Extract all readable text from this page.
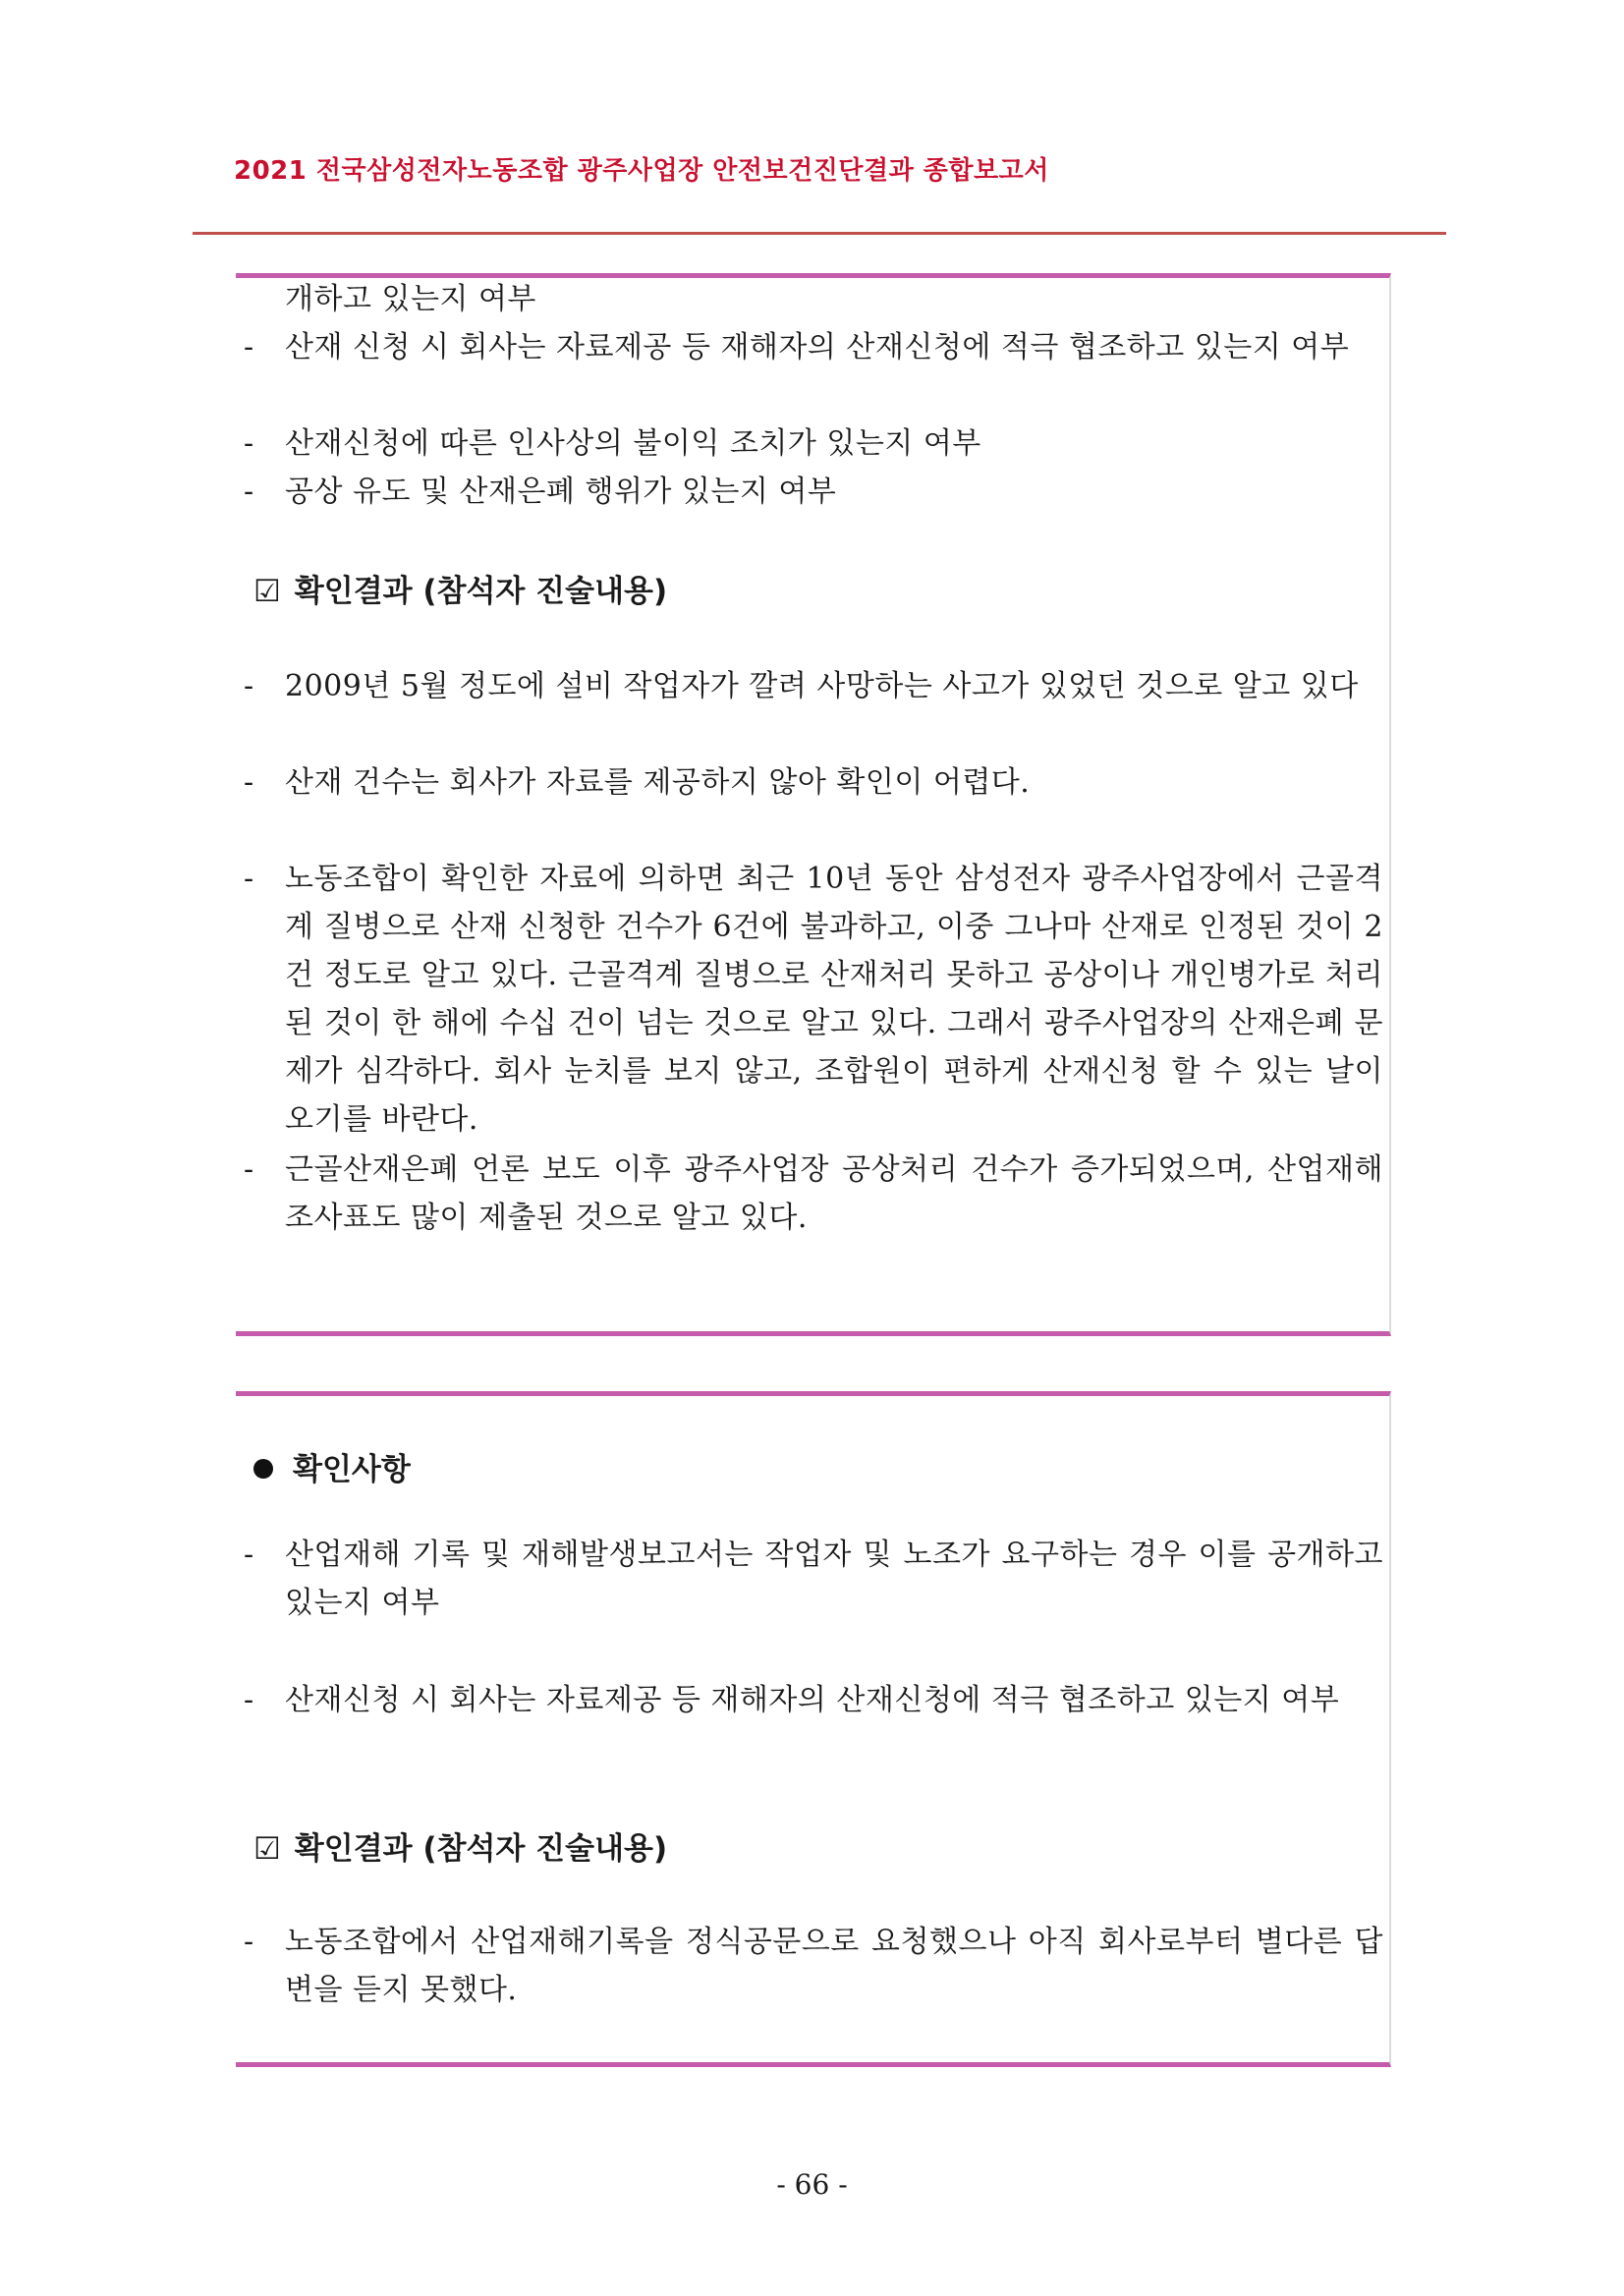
2021 전국삼성전자노동조합 광주사업장 안전보건진단결과 종합보고서
개하고 있는지 여부
- 산재 신청 시 회사는 자료제공 등 재해자의 산재신청에 적극 협조하고 있는지 여부
- 산재신청에 따른 인사상의 불이익 조치가 있는지 여부
- 공상 유도 및 산재은폐 행위가 있는지 여부
☑ 확인결과 (참석자 진술내용)
- 2009년 5월 정도에 설비 작업자가 깔려 사망하는 사고가 있었던 것으로 알고 있다
- 산재 건수는 회사가 자료를 제공하지 않아 확인이 어렵다.
- 노동조합이 확인한 자료에 의하면 최근 10년 동안 삼성전자 광주사업장에서 근골격계 질병으로 산재 신청한 건수가 6건에 불과하고, 이중 그나마 산재로 인정된 것이 2건 정도로 알고 있다. 근골격계 질병으로 산재처리 못하고 공상이나 개인병가로 처리된 것이 한 해에 수십 건이 넘는 것으로 알고 있다. 그래서 광주사업장의 산재은폐 문제가 심각하다. 회사 눈치를 보지 않고, 조합원이 편하게 산재신청 할 수 있는 날이 오기를 바란다.
- 근골산재은폐 언론 보도 이후 광주사업장 공상처리 건수가 증가되었으며, 산업재해조사표도 많이 제출된 것으로 알고 있다.
확인사항
- 산업재해 기록 및 재해발생보고서는 작업자 및 노조가 요구하는 경우 이를 공개하고 있는지 여부
- 산재신청 시 회사는 자료제공 등 재해자의 산재신청에 적극 협조하고 있는지 여부
☑ 확인결과 (참석자 진술내용)
- 노동조합에서 산업재해기록을 정식공문으로 요청했으나 아직 회사로부터 별다른 답변을 듣지 못했다.
- 66 -
